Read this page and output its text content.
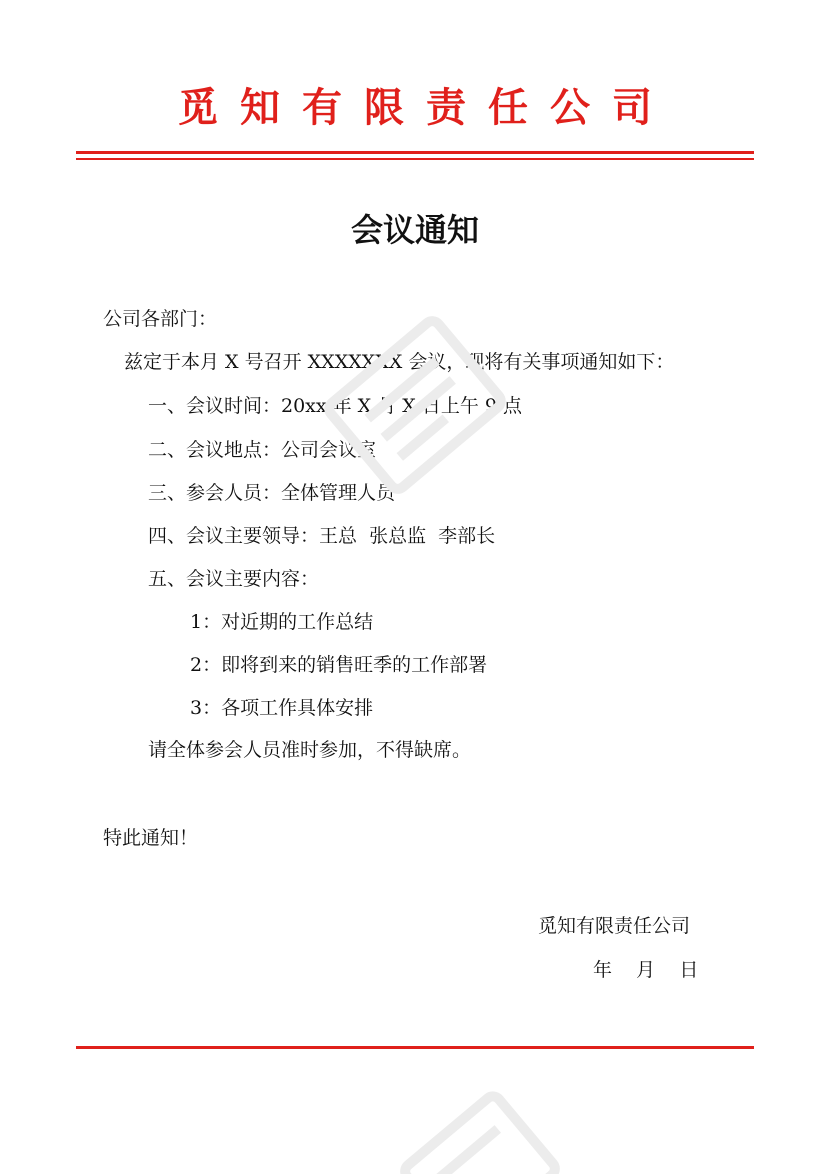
觅知有限责任公司
会议通知
公司各部门：
兹定于本月 X 号召开 XXXXXXX 会议，现将有关事项通知如下：
一、会议时间：20xx 年 X 月 X 日上午 9 点
二、会议地点：公司会议室
三、参会人员：全体管理人员
四、会议主要领导：王总  张总监  李部长
五、会议主要内容：
1：对近期的工作总结
2：即将到来的销售旺季的工作部署
3：各项工作具体安排
请全体参会人员准时参加，不得缺席。
特此通知！
觅知有限责任公司
年    月    日
